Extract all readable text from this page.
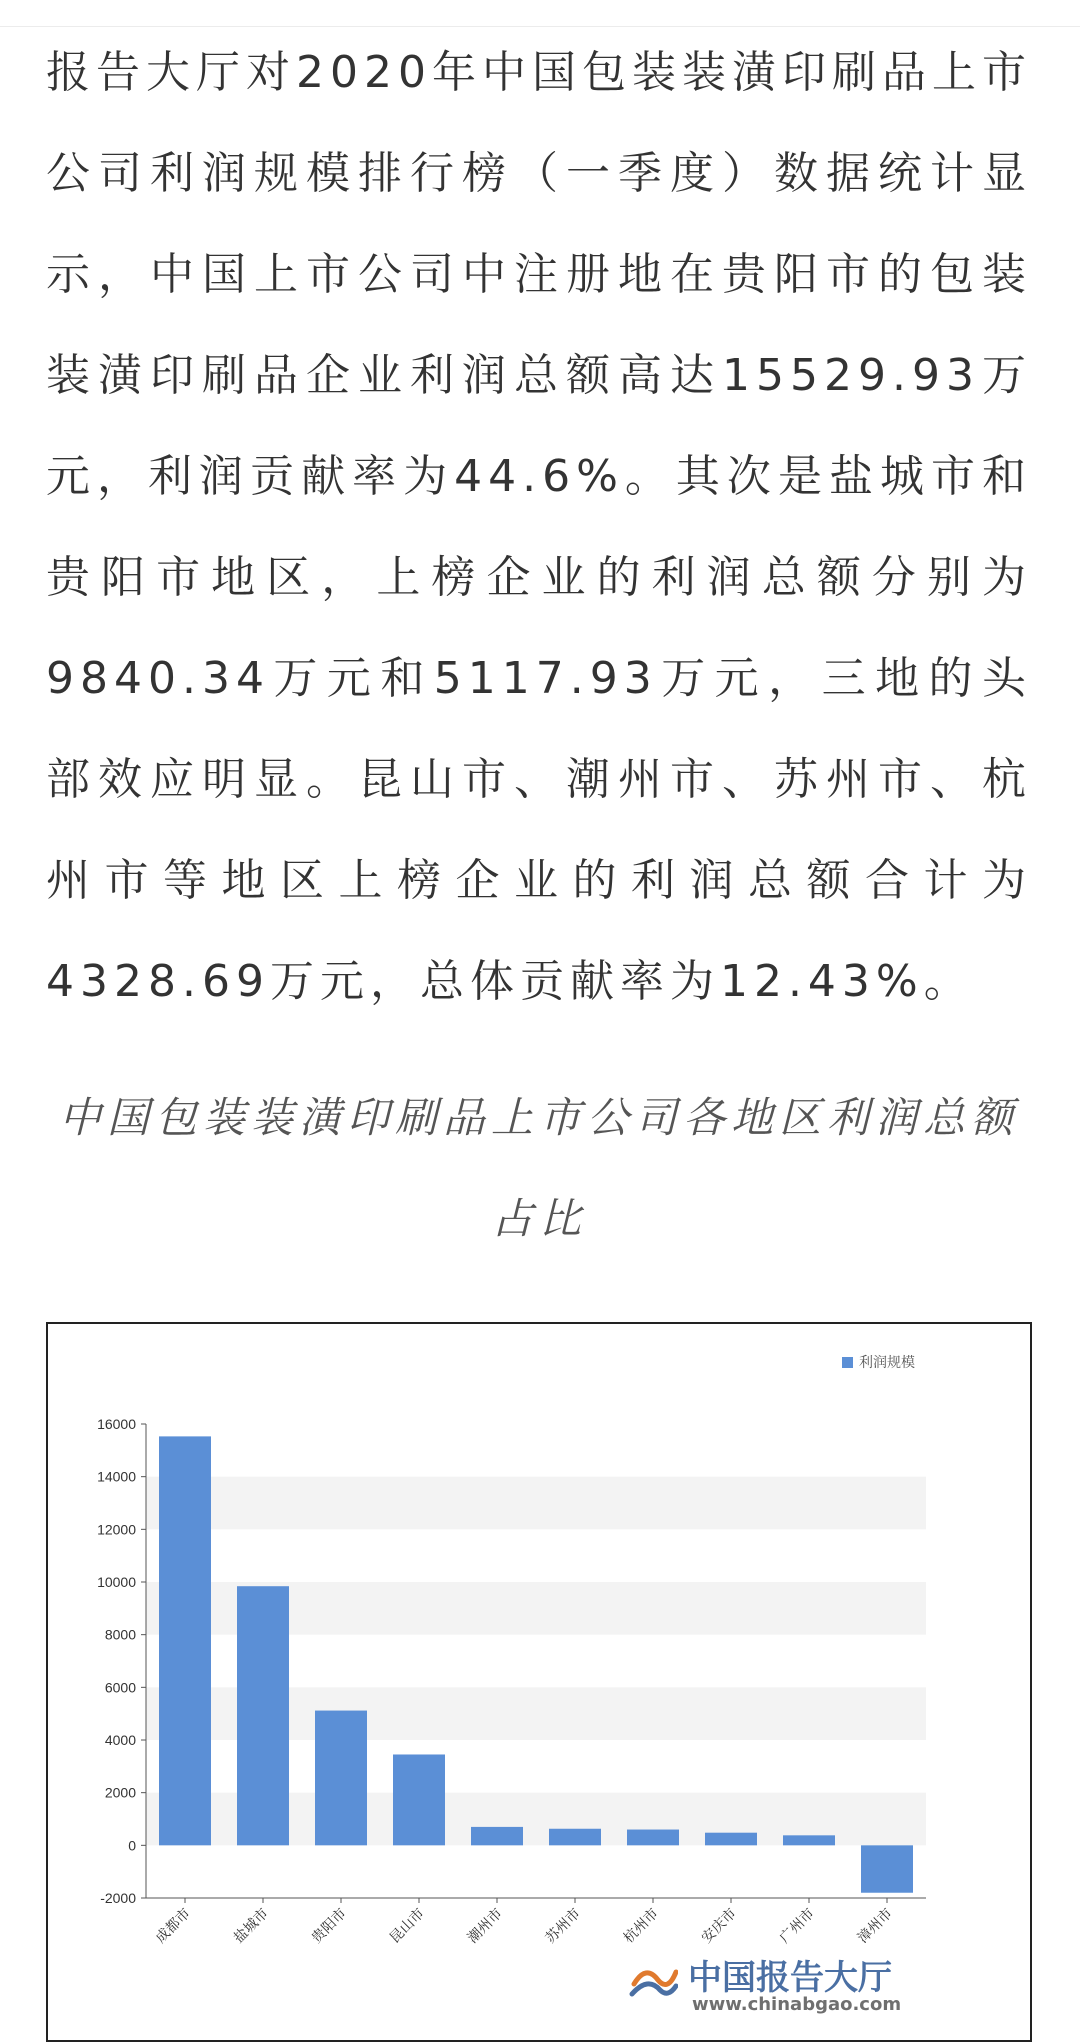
报告大厅对2020年中国包装装潢印刷品上市公司利润规模排行榜（一季度）数据统计显示，中国上市公司中注册地在贵阳市的包装装潢印刷品企业利润总额高达15529.93万元，利润贡献率为44.6%。其次是盐城市和贵阳市地区，上榜企业的利润总额分别为9840.34万元和5117.93万元，三地的头部效应明显。昆山市、潮州市、苏州市、杭州市等地区上榜企业的利润总额合计为4328.69万元，总体贡献率为12.43%。

中国包装装潢印刷品上市公司各地区利润总额占比

-2000
0
2000
4000
6000
8000
10000
12000
14000
16000
成都市	盐城市	贵阳市	昆山市	潮州市	苏州市	杭州市	安庆市	广州市	漳州市
利润规模
中国报告大厅
www.chinabgao.com
